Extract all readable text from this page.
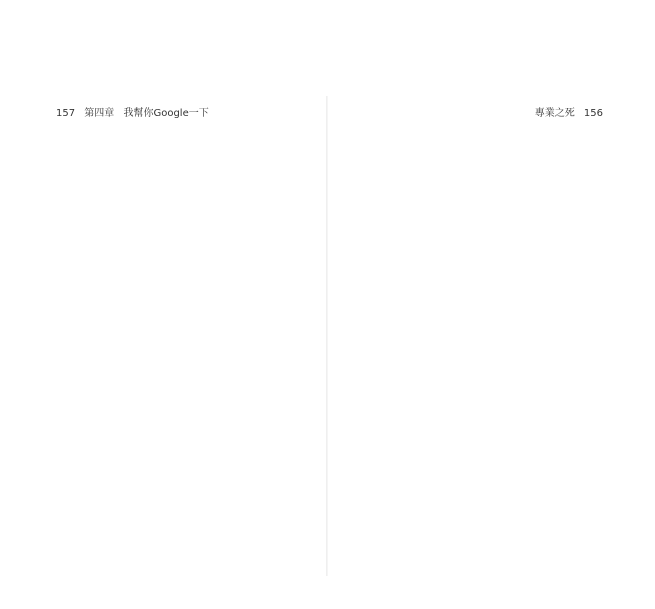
157 第四章 我幫你Google一下	專業之死 156
